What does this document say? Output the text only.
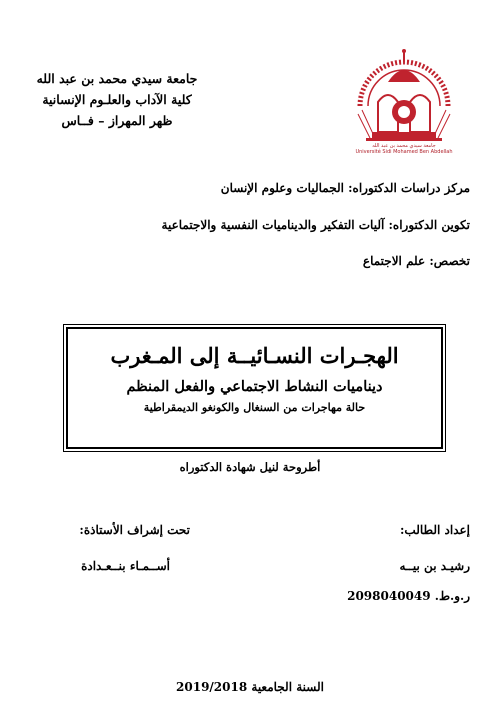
جامعة سيدي محمد بن عبد الله
كلية الآداب والعلـوم الإنسانية
ظهر المهراز – فــاس
جامعة سيدي محمد بن عبد الله
Université Sidi Mohamed Ben Abdellah
مركز دراسات الدكتوراه: الجماليات وعلوم الإنسان
تكوين الدكتوراه: آليات التفكير والديناميات النفسية والاجتماعية
تخصص: علم الاجتماع
الهجـرات النسـائيــة إلى المـغرب
ديناميات النشاط الاجتماعي والفعل المنظم
حالة مهاجرات من السنغال والكونغو الديمقراطية
أطروحة لنيل شهادة الدكتوراه
إعداد الطالب:
رشيـد بن بيــه
ر.و.ط. 2098040049
تحت إشراف الأستاذة:
أســمـاء بنــعـدادة
السنة الجامعية 2019/2018
